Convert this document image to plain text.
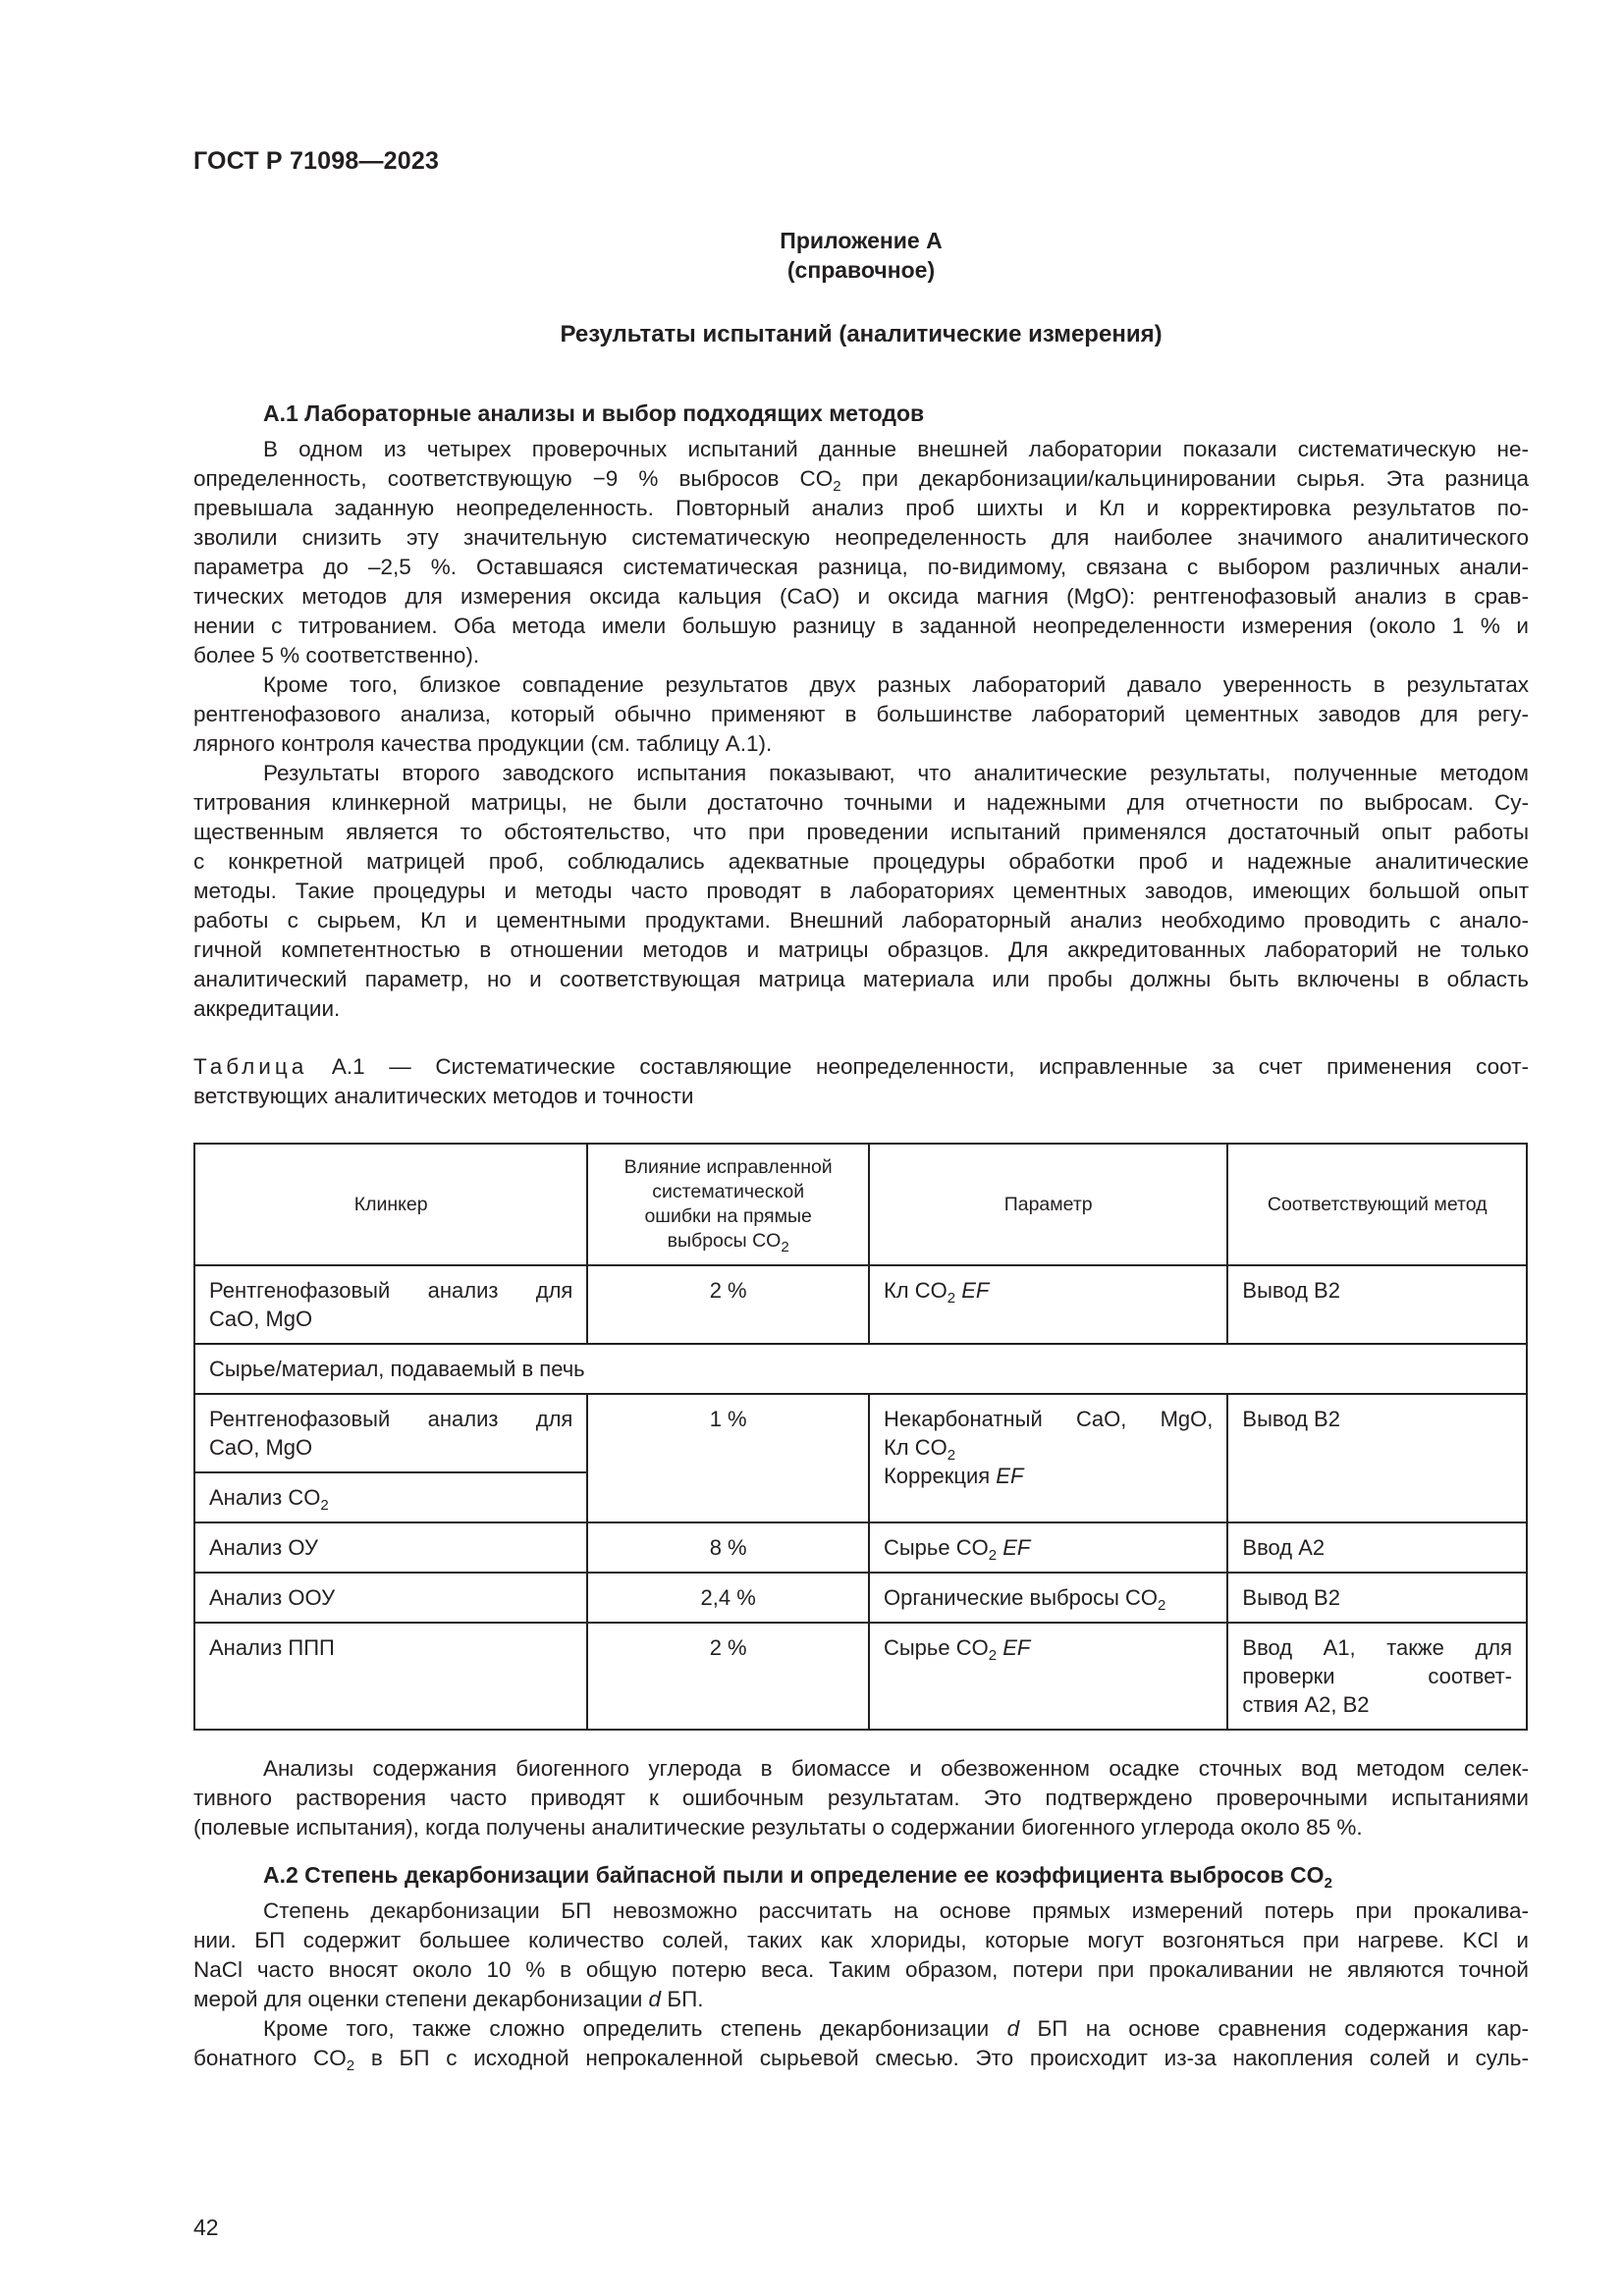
ГОСТ Р 71098—2023
Приложение А
(справочное)
Результаты испытаний (аналитические измерения)
А.1 Лабораторные анализы и выбор подходящих методов
В одном из четырех проверочных испытаний данные внешней лаборатории показали систематическую не-
определенность, соответствующую −9 % выбросов $CO_2$ при декарбонизации/кальцинировании сырья. Эта разница
превышала заданную неопределенность. Повторный анализ проб шихты и Кл и корректировка результатов по-
зволили снизить эту значительную систематическую неопределенность для наиболее значимого аналитического
параметра до –2,5 %. Оставшаяся систематическая разница, по-видимому, связана с выбором различных анали-
тических методов для измерения оксида кальция (CaO) и оксида магния (MgO): рентгенофазовый анализ в срав-
нении с титрованием. Оба метода имели большую разницу в заданной неопределенности измерения (около 1 % и
более 5 % соответственно).
Кроме того, близкое совпадение результатов двух разных лабораторий давало уверенность в результатах
рентгенофазового анализа, который обычно применяют в большинстве лабораторий цементных заводов для регу-
лярного контроля качества продукции (см. таблицу А.1).
Результаты второго заводского испытания показывают, что аналитические результаты, полученные методом
титрования клинкерной матрицы, не были достаточно точными и надежными для отчетности по выбросам. Су-
щественным является то обстоятельство, что при проведении испытаний применялся достаточный опыт работы
с конкретной матрицей проб, соблюдались адекватные процедуры обработки проб и надежные аналитические
методы. Такие процедуры и методы часто проводят в лабораториях цементных заводов, имеющих большой опыт
работы с сырьем, Кл и цементными продуктами. Внешний лабораторный анализ необходимо проводить с анало-
гичной компетентностью в отношении методов и матрицы образцов. Для аккредитованных лабораторий не только
аналитический параметр, но и соответствующая матрица материала или пробы должны быть включены в область
аккредитации.
Таблица А.1 — Систематические составляющие неопределенности, исправленные за счет применения соот-
ветствующих аналитических методов и точности
Клинкер	Влияние исправленной
систематической
ошибки на прямые
выбросы $CO_2$	Параметр	Соответствующий метод

Рентгенофазовый анализ для
CaO, MgO	2 %	Кл $CO_2$ EF	Вывод B2
Сырье/материал, подаваемый в печь			

Рентгенофазовый анализ для
CaO, MgO	1 %	Некарбонатный CaO, MgO,
Кл $CO_2$
Коррекция EF	Вывод B2
Анализ $CO_2$
Анализ ОУ	8 %	Сырье $CO_2$ EF	Ввод А2
Анализ ООУ	2,4 %	Органические выбросы $CO_2$	Вывод B2
Анализ ППП	2 %	Сырье $CO_2$ EF	Ввод А1, также для
проверки соответ-
ствия А2, B2
Анализы содержания биогенного углерода в биомассе и обезвоженном осадке сточных вод методом селек-
тивного растворения часто приводят к ошибочным результатам. Это подтверждено проверочными испытаниями
(полевые испытания), когда получены аналитические результаты о содержании биогенного углерода около 85 %.
А.2 Степень декарбонизации байпасной пыли и определение ее коэффициента выбросов $CO_2$
Степень декарбонизации БП невозможно рассчитать на основе прямых измерений потерь при прокалива-
нии. БП содержит большее количество солей, таких как хлориды, которые могут возгоняться при нагреве. KCl и
NaCl часто вносят около 10 % в общую потерю веса. Таким образом, потери при прокаливании не являются точной
мерой для оценки степени декарбонизации d БП.
Кроме того, также сложно определить степень декарбонизации d БП на основе сравнения содержания кар-
бонатного $CO_2$ в БП с исходной непрокаленной сырьевой смесью. Это происходит из-за накопления солей и суль-
42
